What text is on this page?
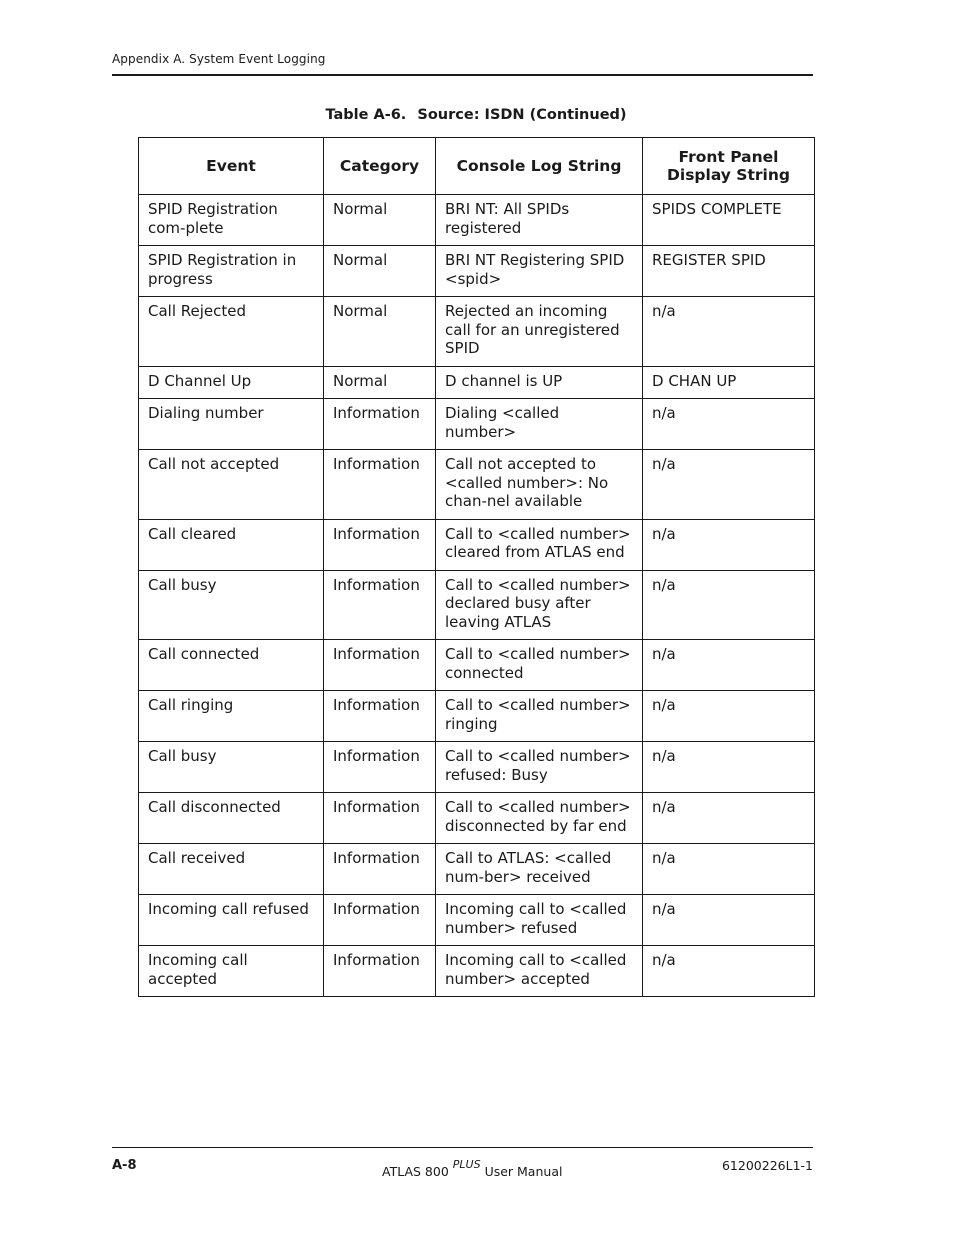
Appendix A. System Event Logging
Table A-6. Source: ISDN (Continued)
Event	Category	Console Log String	Front Panel Display String
SPID Registration com-plete	Normal	BRI NT: All SPIDs registered	SPIDS COMPLETE
SPID Registration in progress	Normal	BRI NT Registering SPID <spid>	REGISTER SPID
Call Rejected	Normal	Rejected an incoming call for an unregistered SPID	n/a
D Channel Up	Normal	D channel is UP	D CHAN UP
Dialing number	Information	Dialing <called number>	n/a
Call not accepted	Information	Call not accepted to <called number>: No chan-nel available	n/a
Call cleared	Information	Call to <called number> cleared from ATLAS end	n/a
Call busy	Information	Call to <called number> declared busy after leaving ATLAS	n/a
Call connected	Information	Call to <called number> connected	n/a
Call ringing	Information	Call to <called number> ringing	n/a
Call busy	Information	Call to <called number> refused: Busy	n/a
Call disconnected	Information	Call to <called number> disconnected by far end	n/a
Call received	Information	Call to ATLAS: <called num-ber> received	n/a
Incoming call refused	Information	Incoming call to <called number> refused	n/a
Incoming call accepted	Information	Incoming call to <called number> accepted	n/a
A-8	ATLAS 800 $^{PLUS}$ User Manual	61200226L1-1
